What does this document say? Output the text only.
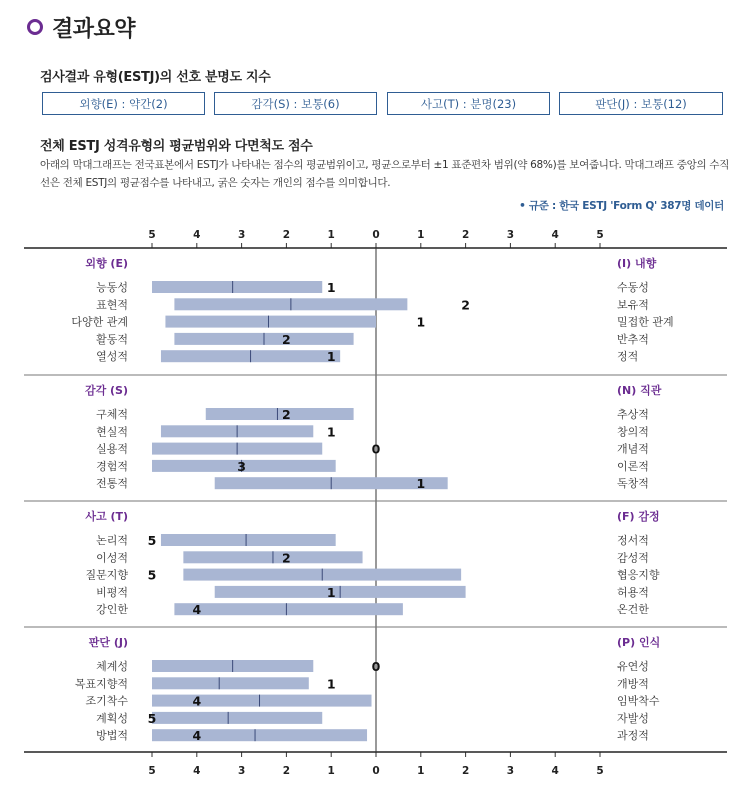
결과요약
검사결과 유형(ESTJ)의 선호 분명도 지수
외향(E) : 약간(2)	감각(S) : 보통(6)	사고(T) : 분명(23)	판단(J) : 보통(12)
전체 ESTJ 성격유형의 평균범위와 다면척도 점수
아래의 막대그래프는 전국표본에서 ESTJ가 나타내는 점수의 평균범위이고, 평균으로부터 ±1 표준편차 범위(약 68%)를 보여줍니다. 막대그래프 중앙의 수직선은 전체 ESTJ의 평균점수를 나타내고, 굵은 숫자는 개인의 점수를 의미합니다.
• 규준 : 한국 ESTJ 'Form Q' 387명 데이터
5
5
4
4
3
3
2
2
1
1
0
0
1
1
2
2
3
3
4
4
5
5
외향 (E)	(I) 내향
능동성	수동성
1
표현적	보유적
2
다양한 관계	밀접한 관계
1
활동적	반추적
2
열성적	정적
1
감각 (S)	(N) 직관
구체적	추상적
2
현실적	창의적
1
실용적	개념적
0
경험적	이론적
3
전통적	독창적
1
사고 (T)	(F) 감정
논리적	정서적
5
이성적	감성적
2
질문지향	협응지향
5
비평적	허용적
1
강인한	온건한
4
판단 (J)	(P) 인식
체계성	유연성
0
목표지향적	개방적
1
조기착수	임박착수
4
계획성	자발성
5
방법적	과정적
4
